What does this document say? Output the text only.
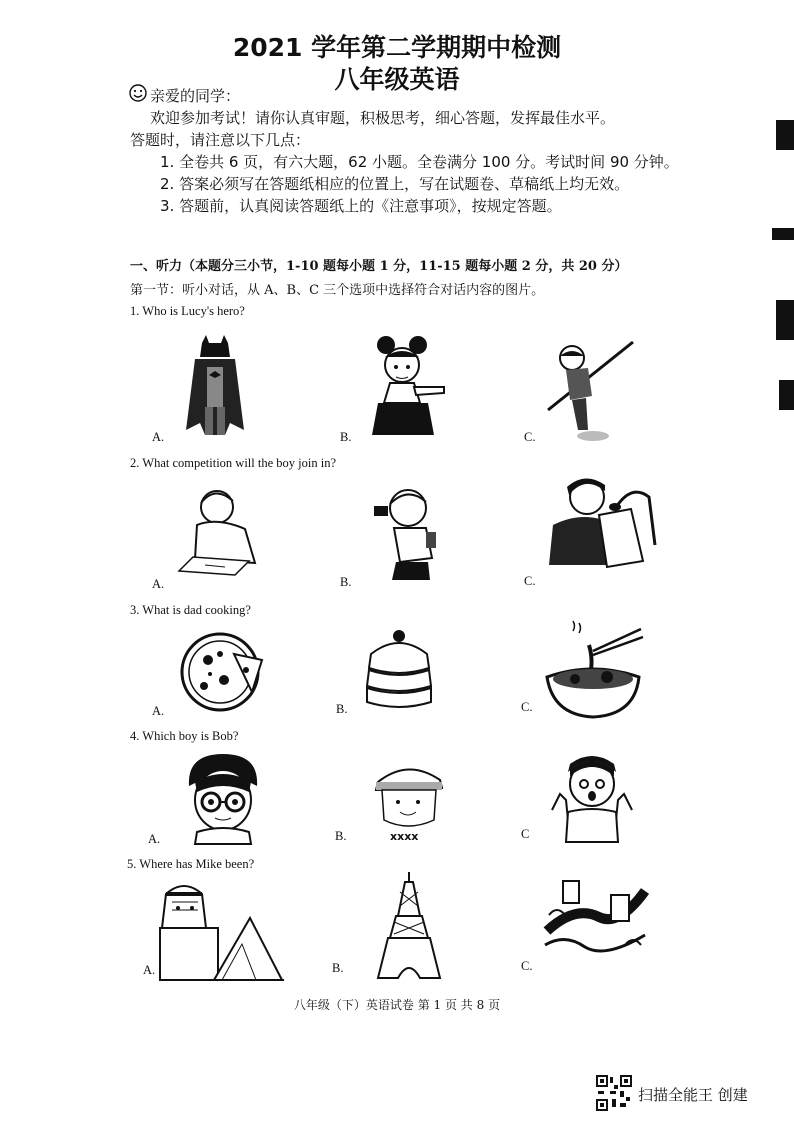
2021 学年第二学期期中检测
八年级英语
亲爱的同学：
欢迎参加考试！请你认真审题，积极思考，细心答题，发挥最佳水平。
答题时，请注意以下几点：
1. 全卷共 6 页，有六大题，62 小题。全卷满分 100 分。考试时间 90 分钟。
2. 答案必须写在答题纸相应的位置上，写在试题卷、草稿纸上均无效。
3. 答题前，认真阅读答题纸上的《注意事项》，按规定答题。
一、听力（本题分三小节，1-10 题每小题 1 分，11-15 题每小题 2 分，共 20 分）
第一节：听小对话，从 A、B、C 三个选项中选择符合对话内容的图片。
1. Who is Lucy's hero?
A.	B.	C.
2. What competition will the boy join in?
A.	B.	C.
3. What is dad cooking?
A.	B.	C.
4. Which boy is Bob?
A.	B.	C
xxxx
5. Where has Mike been?
A.	B.	C.
八年级（下）英语试卷 第 1 页 共 8 页
扫描全能王 创建
